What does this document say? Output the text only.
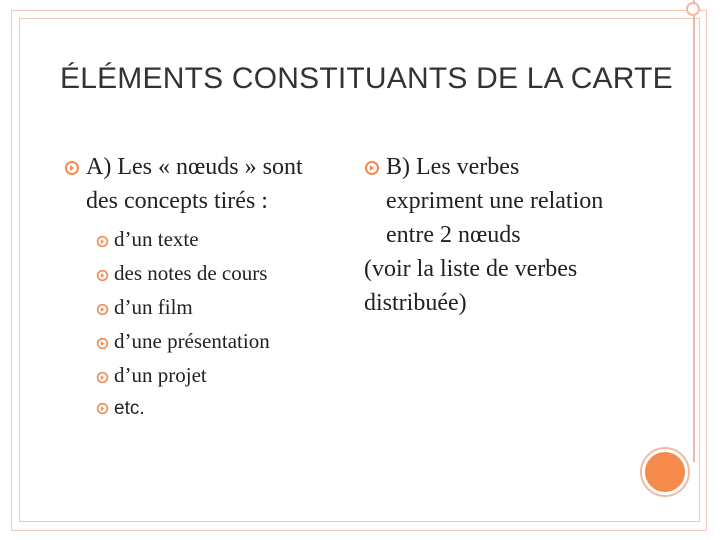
ÉLÉMENTS CONSTITUANTS DE LA CARTE
A) Les « nœuds » sont
des concepts tirés :
d’un texte
des notes de cours
d’un film
d’une présentation
d’un projet
etc.
B) Les verbes
expriment une relation
entre 2 nœuds
(voir la liste de verbes
distribuée)
